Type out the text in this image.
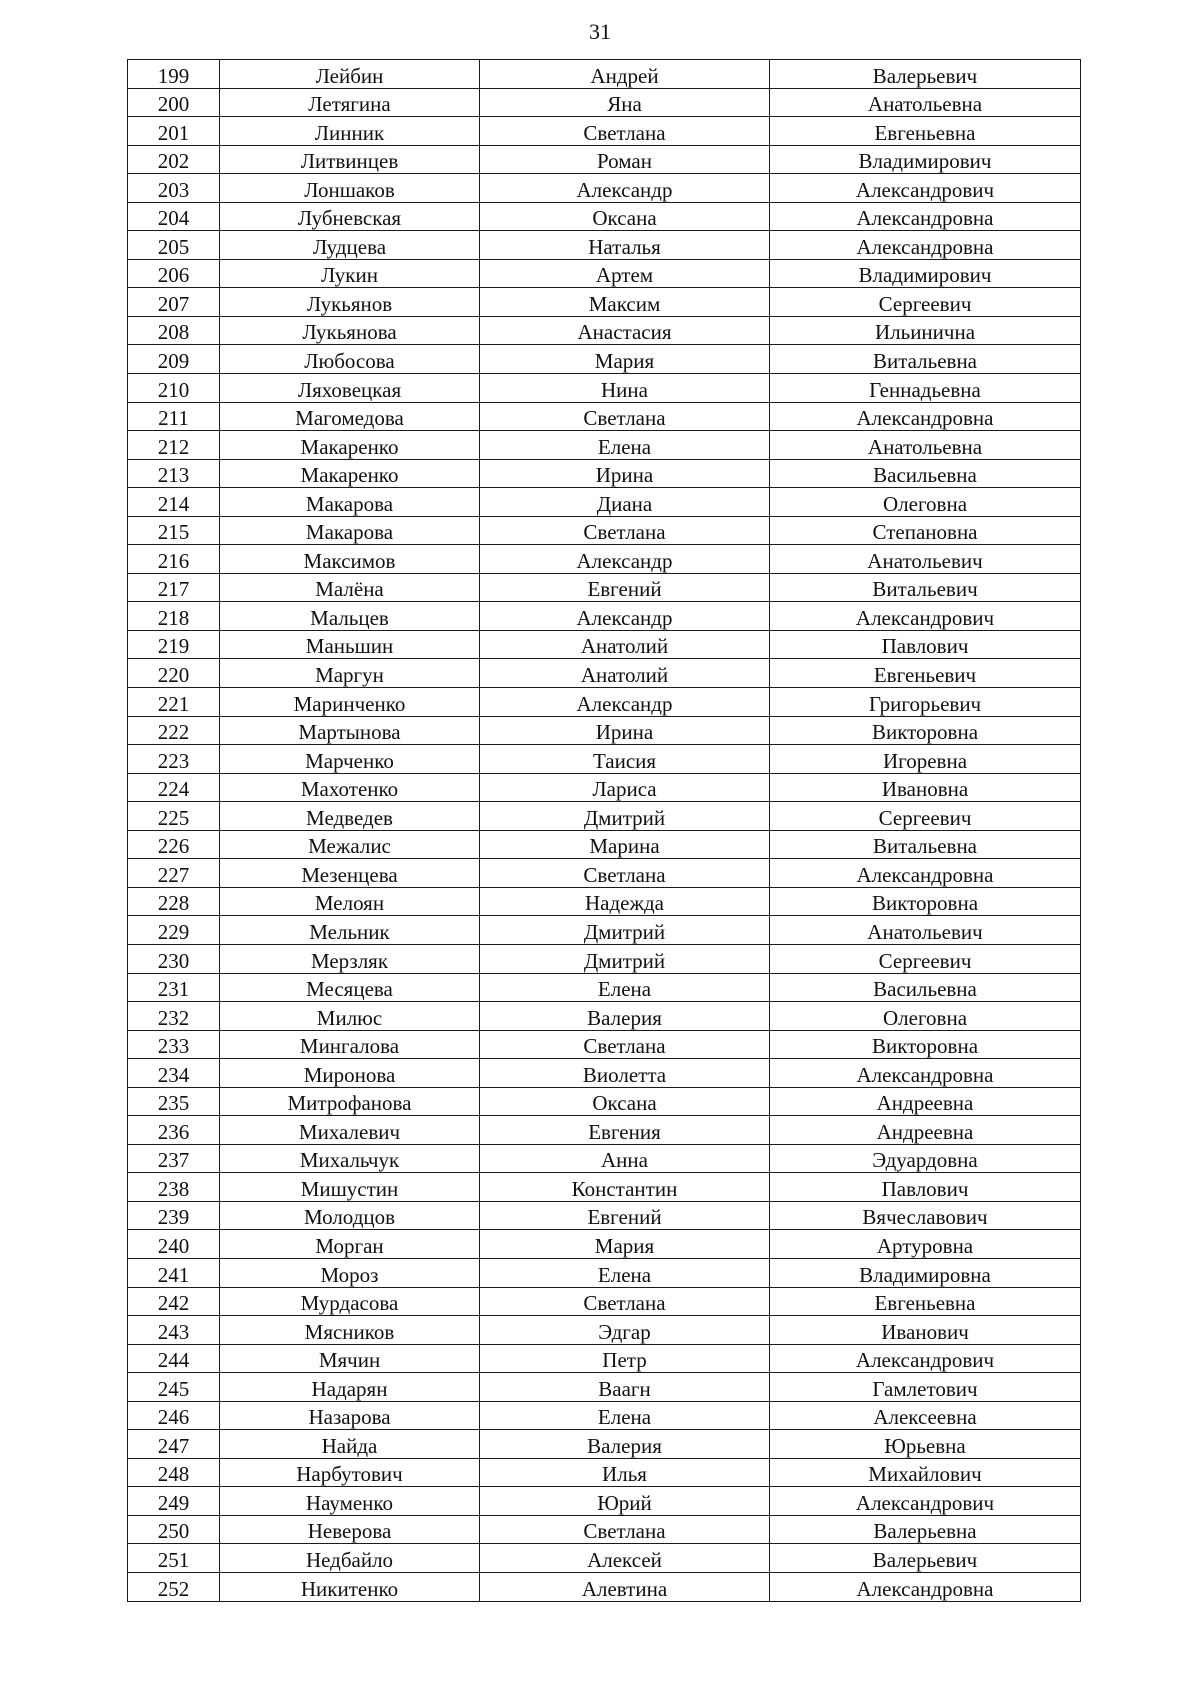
31
199	Лейбин	Андрей	Валерьевич
200	Летягина	Яна	Анатольевна
201	Линник	Светлана	Евгеньевна
202	Литвинцев	Роман	Владимирович
203	Лоншаков	Александр	Александрович
204	Лубневская	Оксана	Александровна
205	Лудцева	Наталья	Александровна
206	Лукин	Артем	Владимирович
207	Лукьянов	Максим	Сергеевич
208	Лукьянова	Анастасия	Ильинична
209	Любосова	Мария	Витальевна
210	Ляховецкая	Нина	Геннадьевна
211	Магомедова	Светлана	Александровна
212	Макаренко	Елена	Анатольевна
213	Макаренко	Ирина	Васильевна
214	Макарова	Диана	Олеговна
215	Макарова	Светлана	Степановна
216	Максимов	Александр	Анатольевич
217	Малёна	Евгений	Витальевич
218	Мальцев	Александр	Александрович
219	Маньшин	Анатолий	Павлович
220	Маргун	Анатолий	Евгеньевич
221	Маринченко	Александр	Григорьевич
222	Мартынова	Ирина	Викторовна
223	Марченко	Таисия	Игоревна
224	Махотенко	Лариса	Ивановна
225	Медведев	Дмитрий	Сергеевич
226	Межалис	Марина	Витальевна
227	Мезенцева	Светлана	Александровна
228	Мелоян	Надежда	Викторовна
229	Мельник	Дмитрий	Анатольевич
230	Мерзляк	Дмитрий	Сергеевич
231	Месяцева	Елена	Васильевна
232	Милюс	Валерия	Олеговна
233	Мингалова	Светлана	Викторовна
234	Миронова	Виолетта	Александровна
235	Митрофанова	Оксана	Андреевна
236	Михалевич	Евгения	Андреевна
237	Михальчук	Анна	Эдуардовна
238	Мишустин	Константин	Павлович
239	Молодцов	Евгений	Вячеславович
240	Морган	Мария	Артуровна
241	Мороз	Елена	Владимировна
242	Мурдасова	Светлана	Евгеньевна
243	Мясников	Эдгар	Иванович
244	Мячин	Петр	Александрович
245	Надарян	Ваагн	Гамлетович
246	Назарова	Елена	Алексеевна
247	Найда	Валерия	Юрьевна
248	Нарбутович	Илья	Михайлович
249	Науменко	Юрий	Александрович
250	Неверова	Светлана	Валерьевна
251	Недбайло	Алексей	Валерьевич
252	Никитенко	Алевтина	Александровна
